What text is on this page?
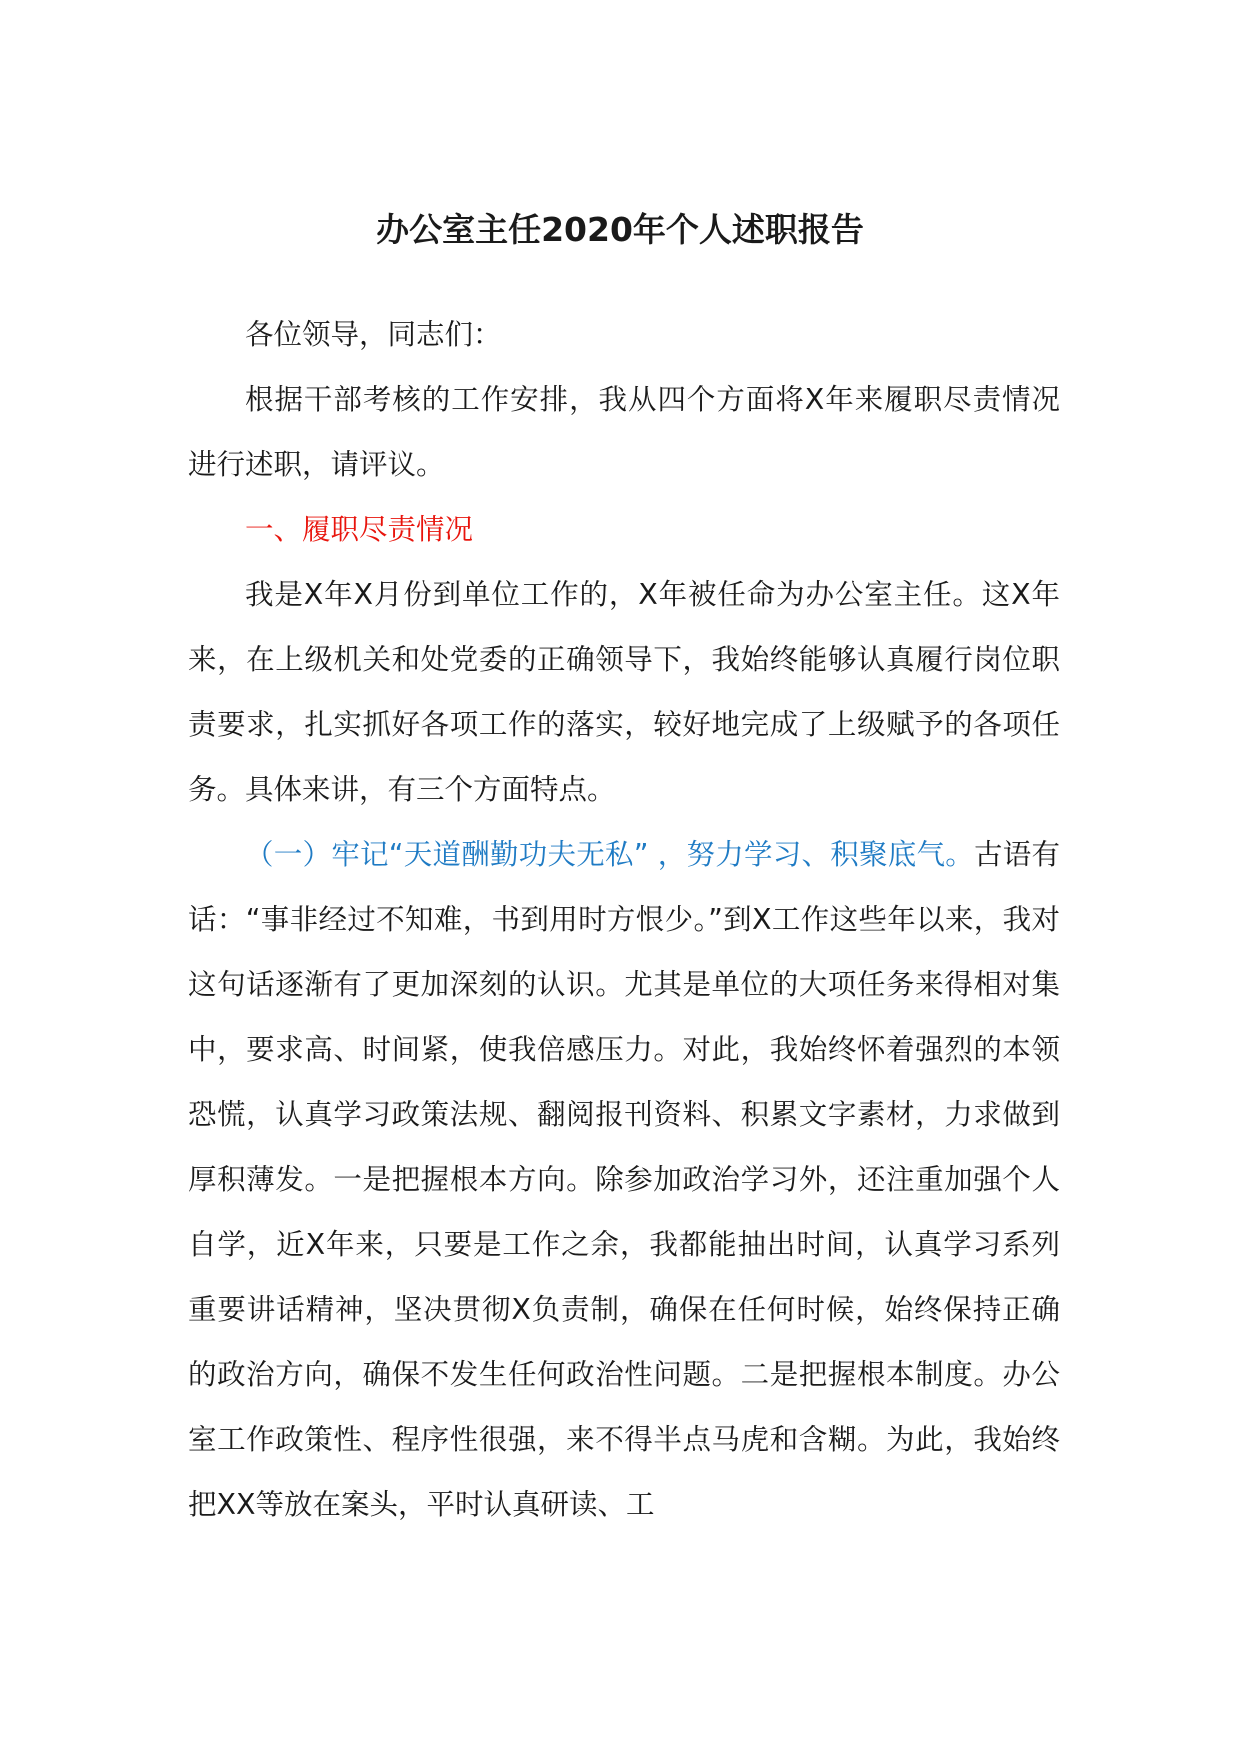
办公室主任2020年个人述职报告

各位领导，同志们：

根据干部考核的工作安排，我从四个方面将X年来履职尽责情况进行述职，请评议。

一、履职尽责情况

我是X年X月份到单位工作的，X年被任命为办公室主任。这X年来，在上级机关和处党委的正确领导下，我始终能够认真履行岗位职责要求，扎实抓好各项工作的落实，较好地完成了上级赋予的各项任务。具体来讲，有三个方面特点。

（一）牢记“天道酬勤功夫无私” ，努力学习、积聚底气。古语有话：“事非经过不知难，书到用时方恨少。”到X工作这些年以来，我对这句话逐渐有了更加深刻的认识。尤其是单位的大项任务来得相对集中，要求高、时间紧，使我倍感压力。对此，我始终怀着强烈的本领恐慌，认真学习政策法规、翻阅报刊资料、积累文字素材，力求做到厚积薄发。一是把握根本方向。除参加政治学习外，还注重加强个人自学，近X年来，只要是工作之余，我都能抽出时间，认真学习系列重要讲话精神，坚决贯彻X负责制，确保在任何时候，始终保持正确的政治方向，确保不发生任何政治性问题。二是把握根本制度。办公室工作政策性、程序性很强，来不得半点马虎和含糊。为此，我始终把XX等放在案头，平时认真研读、工
